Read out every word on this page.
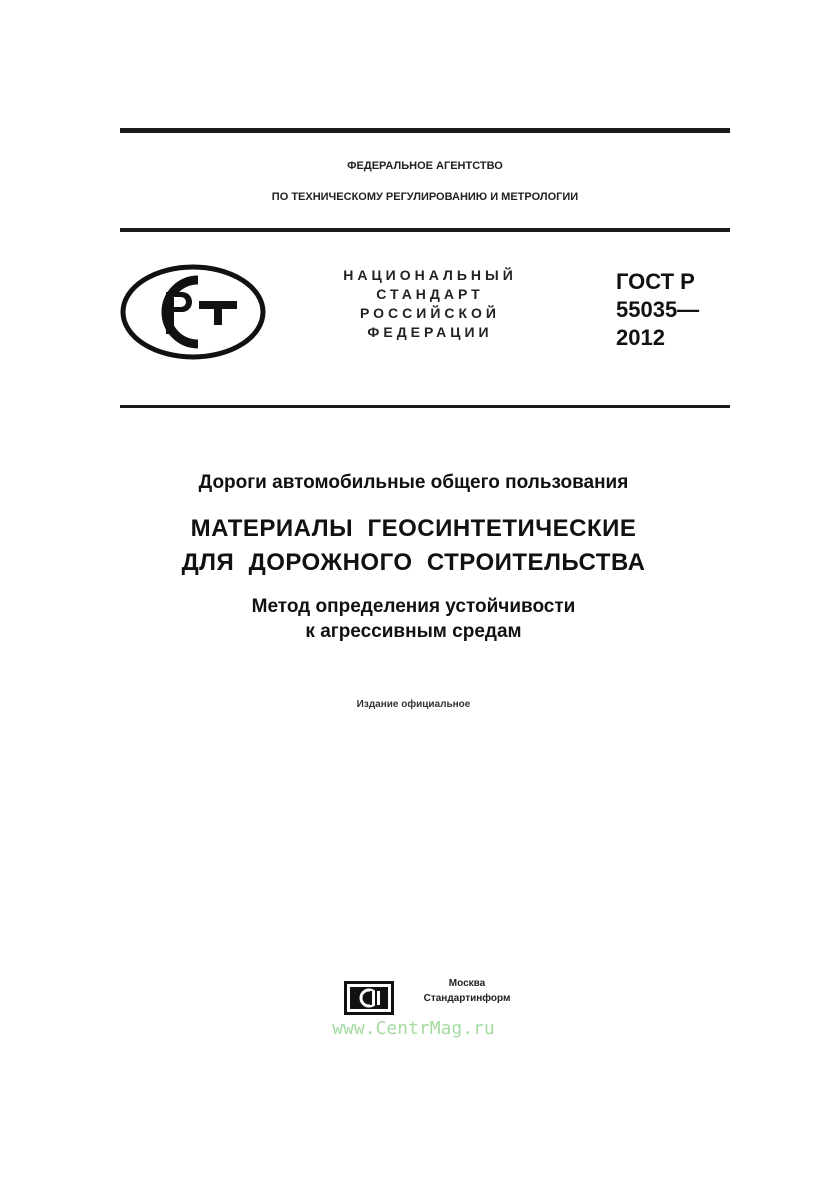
ФЕДЕРАЛЬНОЕ АГЕНТСТВО
ПО ТЕХНИЧЕСКОМУ РЕГУЛИРОВАНИЮ И МЕТРОЛОГИИ
НАЦИОНАЛЬНЫЙ
СТАНДАРТ
РОССИЙСКОЙ
ФЕДЕРАЦИИ
ГОСТ Р
55035—
2012
Дороги автомобильные общего пользования
МАТЕРИАЛЫ  ГЕОСИНТЕТИЧЕСКИЕ
ДЛЯ  ДОРОЖНОГО  СТРОИТЕЛЬСТВА
Метод определения устойчивости
к агрессивным средам
Издание официальное
Москва
Стандартинформ
www.CentrMag.ru
